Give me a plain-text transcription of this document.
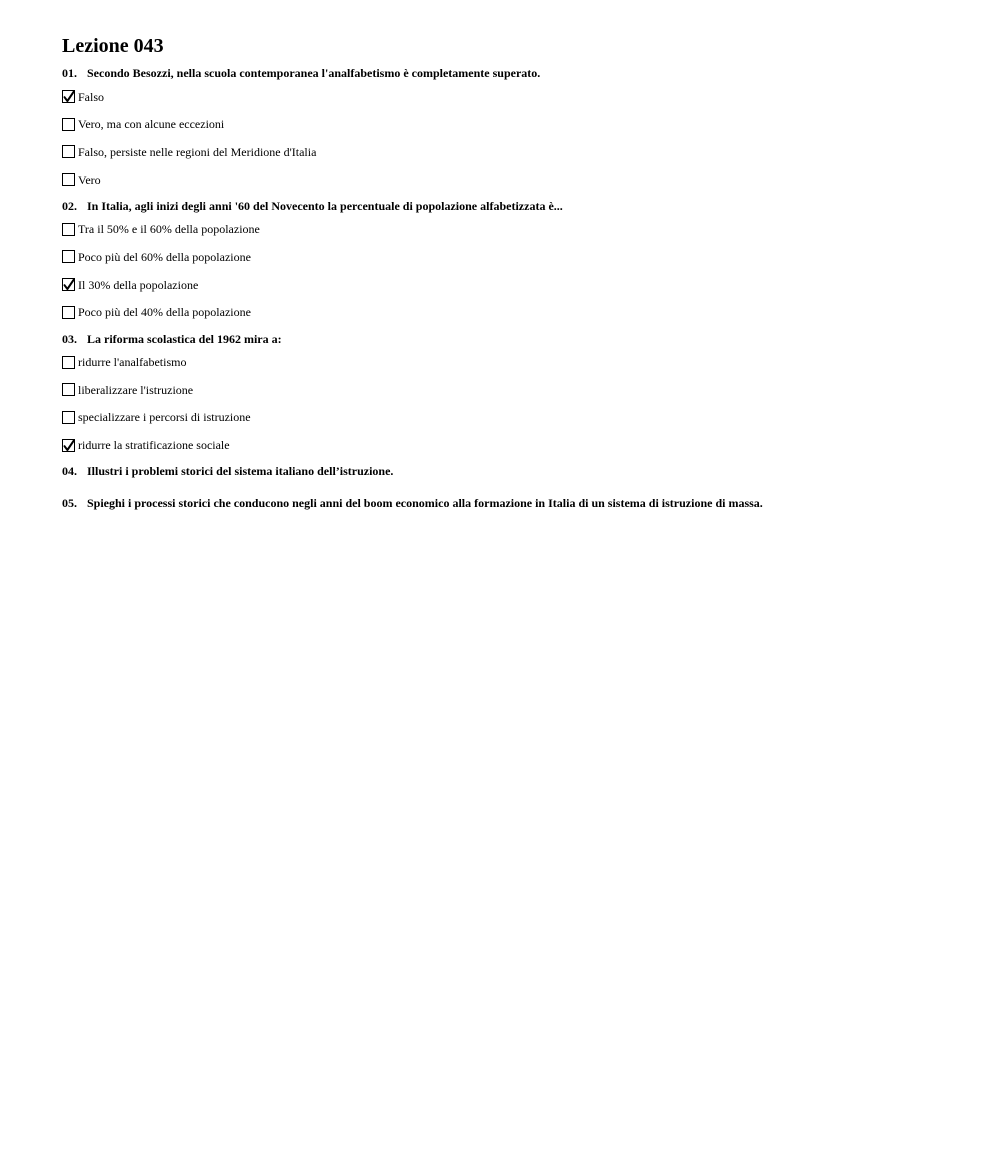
Lezione 043
01. Secondo Besozzi, nella scuola contemporanea l'analfabetismo è completamente superato.
Falso
Vero, ma con alcune eccezioni
Falso, persiste nelle regioni del Meridione d'Italia
Vero
02. In Italia, agli inizi degli anni '60 del Novecento la percentuale di popolazione alfabetizzata è...
Tra il 50% e il 60% della popolazione
Poco più del 60% della popolazione
Il 30% della popolazione
Poco più del 40% della popolazione
03. La riforma scolastica del 1962 mira a:
ridurre l'analfabetismo
liberalizzare l'istruzione
specializzare i percorsi di istruzione
ridurre la stratificazione sociale
04. Illustri i problemi storici del sistema italiano dell’istruzione.
05. Spieghi i processi storici che conducono negli anni del boom economico alla formazione in Italia di un sistema di istruzione di massa.
